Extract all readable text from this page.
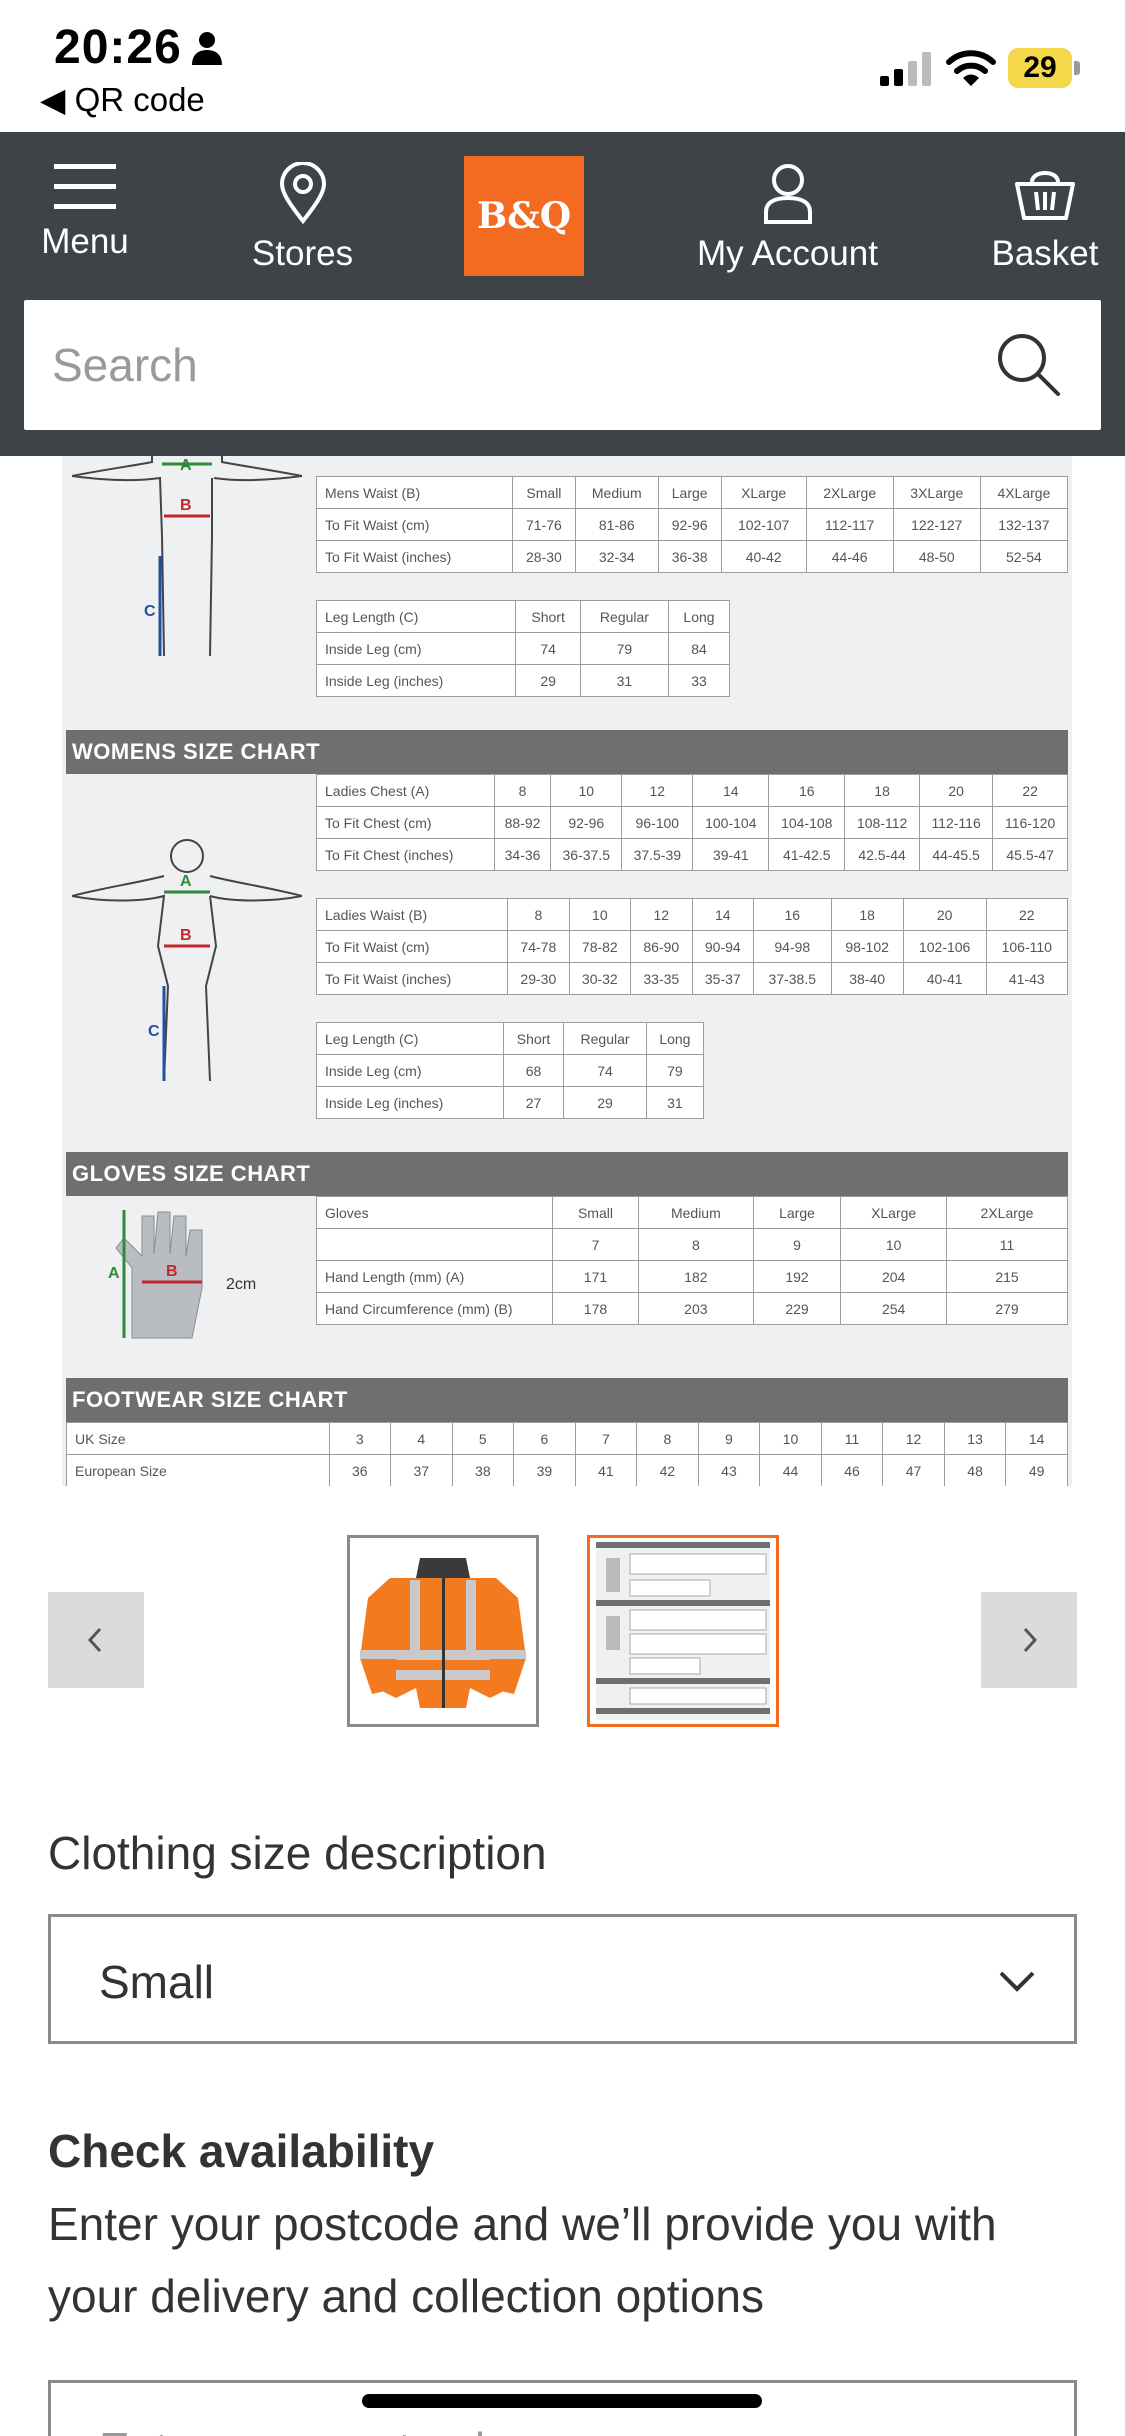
20:26
◀ QR code
29
Menu	Stores
B&Q
My Account	Basket
Search
A
B
C
Mens Waist (B)	Small	Medium	Large	XLarge	2XLarge	3XLarge	4XLarge
To Fit Waist (cm)	71-76	81-86	92-96	102-107	112-117	122-127	132-137
To Fit Waist (inches)	28-30	32-34	36-38	40-42	44-46	48-50	52-54
Leg Length (C)	Short	Regular	Long
Inside Leg (cm)	74	79	84
Inside Leg (inches)	29	31	33
WOMENS SIZE CHART
A
B
C
Ladies Chest (A)	8	10	12	14	16	18	20	22
To Fit Chest (cm)	88-92	92-96	96-100	100-104	104-108	108-112	112-116	116-120
To Fit Chest (inches)	34-36	36-37.5	37.5-39	39-41	41-42.5	42.5-44	44-45.5	45.5-47
Ladies Waist (B)	8	10	12	14	16	18	20	22
To Fit Waist (cm)	74-78	78-82	86-90	90-94	94-98	98-102	102-106	106-110
To Fit Waist (inches)	29-30	30-32	33-35	35-37	37-38.5	38-40	40-41	41-43
Leg Length (C)	Short	Regular	Long
Inside Leg (cm)	68	74	79
Inside Leg (inches)	27	29	31
GLOVES SIZE CHART
A	B
2cm
Gloves	Small	Medium	Large	XLarge	2XLarge
	7	8	9	10	11
Hand Length (mm) (A)	171	182	192	204	215
Hand Circumference (mm) (B)	178	203	229	254	279
FOOTWEAR SIZE CHART
UK Size	3	4	5	6	7	8	9	10	11	12	13	14
European Size	36	37	38	39	41	42	43	44	46	47	48	49
Clothing size description
Small
Check availability
Enter your postcode and we’ll provide you with your delivery and collection options
Enter your postcode
